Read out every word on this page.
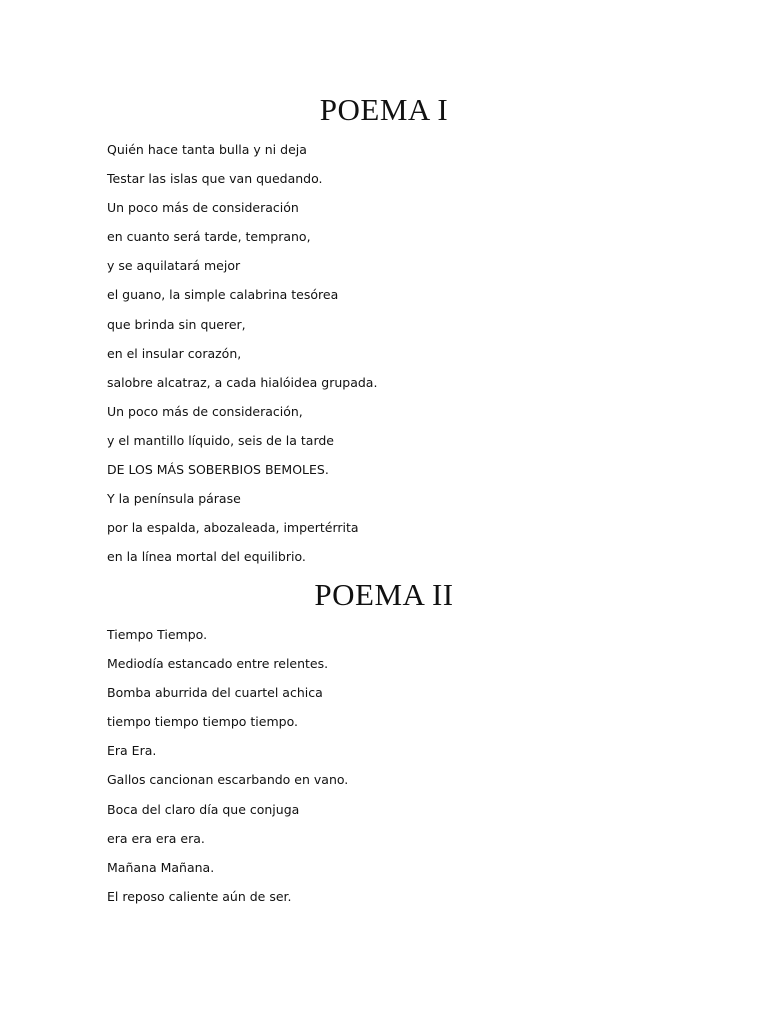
POEMA I
Quién hace tanta bulla y ni deja
Testar las islas que van quedando.
Un poco más de consideración
en cuanto será tarde, temprano,
y se aquilatará mejor
el guano, la simple calabrina tesórea
que brinda sin querer,
en el insular corazón,
salobre alcatraz, a cada hialóidea grupada.
Un poco más de consideración,
y el mantillo líquido, seis de la tarde
DE LOS MÁS SOBERBIOS BEMOLES.
Y la península párase
por la espalda, abozaleada, impertérrita
en la línea mortal del equilibrio.
POEMA II
Tiempo Tiempo.
Mediodía estancado entre relentes.
Bomba aburrida del cuartel achica
tiempo tiempo tiempo tiempo.
Era Era.
Gallos cancionan escarbando en vano.
Boca del claro día que conjuga
era era era era.
Mañana Mañana.
El reposo caliente aún de ser.
